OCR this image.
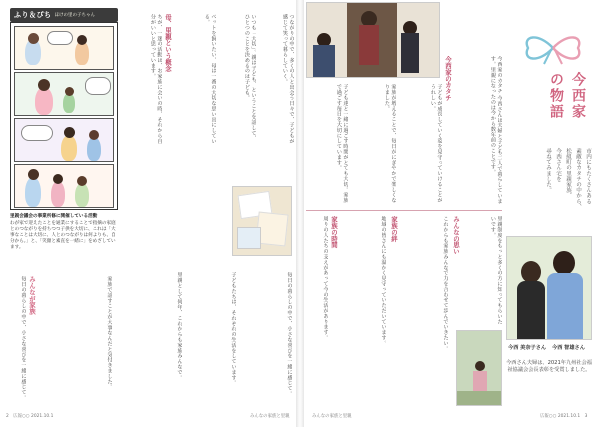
ふり＆ぴち ほけの里の子ちゃん
里親会議会の事業所修に開催している活動
わが家で迎えたことを通業にすることで指摘の家庭とのつながりを持ちつつ子供を大切に、これは「大事なことは大切に、人とのつながりは何よりも、自分から。」と、「笑顔と素直を一緒に」をめざしています。
みんなが家族
毎日の暮らしの中で、小さな喜びを一緒に感じて。	家族で話すことが大事なんだと気付きました。
ちが、一迷の活動は、お家族に会いの時、それから自分がいいと思っています。	母、里親という概念	ペットを飼いたい、母は一番の大切な思い出にしている。	いつも「大切」。親は子ども、ということを話して、ひとつのことを決めるのは子ども。	つながりの中で、多くの人と出会う日々で、子どもが感じて笑って暮らしていく。
里親として何年、これからも家族みんなで。	子どもたちは、それぞれの生活をしています。	毎日の暮らしの中で、小さな喜びを一緒に感じて。
2　広報○○ 2021.10.1	みんなの家族と里親
今西家のカタチ
子ども達と一緒に過ごす時間がとても大切。家族で過ごす毎日を大切にしています。	家族が増えることで、毎日がにぎやかで楽しくなりました。	子どもが成長していく姿を見守っていけることがうれしい。	今西家のカタチ 今西さんは夫婦と子ども二人で暮らしています。里親になったのは今から数年前のことです。
家族の時間
周りの人たちの支えがあって今の生活があります。	地域の皆さんにも温かく見守っていただいています。 家族の絆	これからも家族みんなで力を合わせて歩んでいきたい。 みんなの思い	里親制度をもっと多くの方に知ってもらいたいです。
今西家
の物語
市内にもたくさんある
素敵なカタチの中から、
松組町の里親家族、
今西さん宅を
尋ねてみました。
今西 美奈子さん 今西 智雄さん
今西さん夫婦は、2021年九州社会福祉協議会会長表彰を受賞しました。
みんなの家族と里親	広報○○ 2021.10.1　3
